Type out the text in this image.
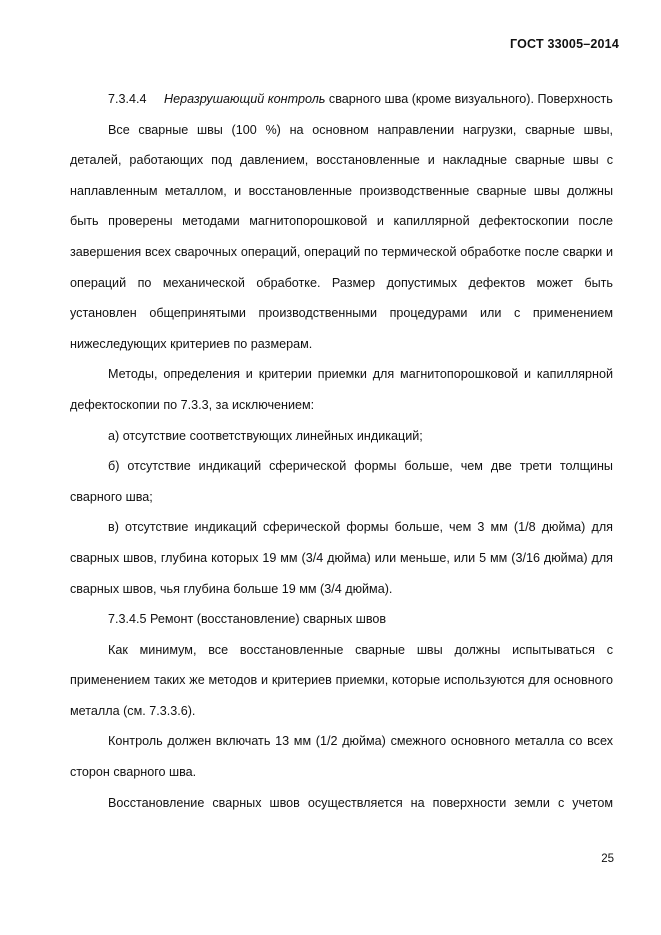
ГОСТ 33005–2014

7.3.4.4 Неразрушающий контроль сварного шва (кроме визуального). Поверхность

Все сварные швы (100 %) на основном направлении нагрузки, сварные швы, деталей, работающих под давлением, восстановленные и накладные сварные швы с наплавленным металлом, и восстановленные производственные сварные швы должны быть проверены методами магнитопорошковой и капиллярной дефектоскопии после завершения всех сварочных операций, операций по термической обработке после сварки и операций по механической обработке. Размер допустимых дефектов может быть установлен общепринятыми производственными процедурами или с применением нижеследующих критериев по размерам.

Методы, определения и критерии приемки для магнитопорошковой и капиллярной дефектоскопии по 7.3.3, за исключением:

а) отсутствие соответствующих линейных индикаций;

б) отсутствие индикаций сферической формы больше, чем две трети толщины сварного шва;

в) отсутствие индикаций сферической формы больше, чем 3 мм (1/8 дюйма) для сварных швов, глубина которых 19 мм (3/4 дюйма) или меньше, или 5 мм (3/16 дюйма) для сварных швов, чья глубина больше 19 мм (3/4 дюйма).

7.3.4.5 Ремонт (восстановление) сварных швов

Как минимум, все восстановленные сварные швы должны испытываться с применением таких же методов и критериев приемки, которые используются для основного металла (см. 7.3.3.6).

Контроль должен включать 13 мм (1/2 дюйма) смежного основного металла со всех сторон сварного шва.

Восстановление сварных швов осуществляется на поверхности земли с учетом

25
